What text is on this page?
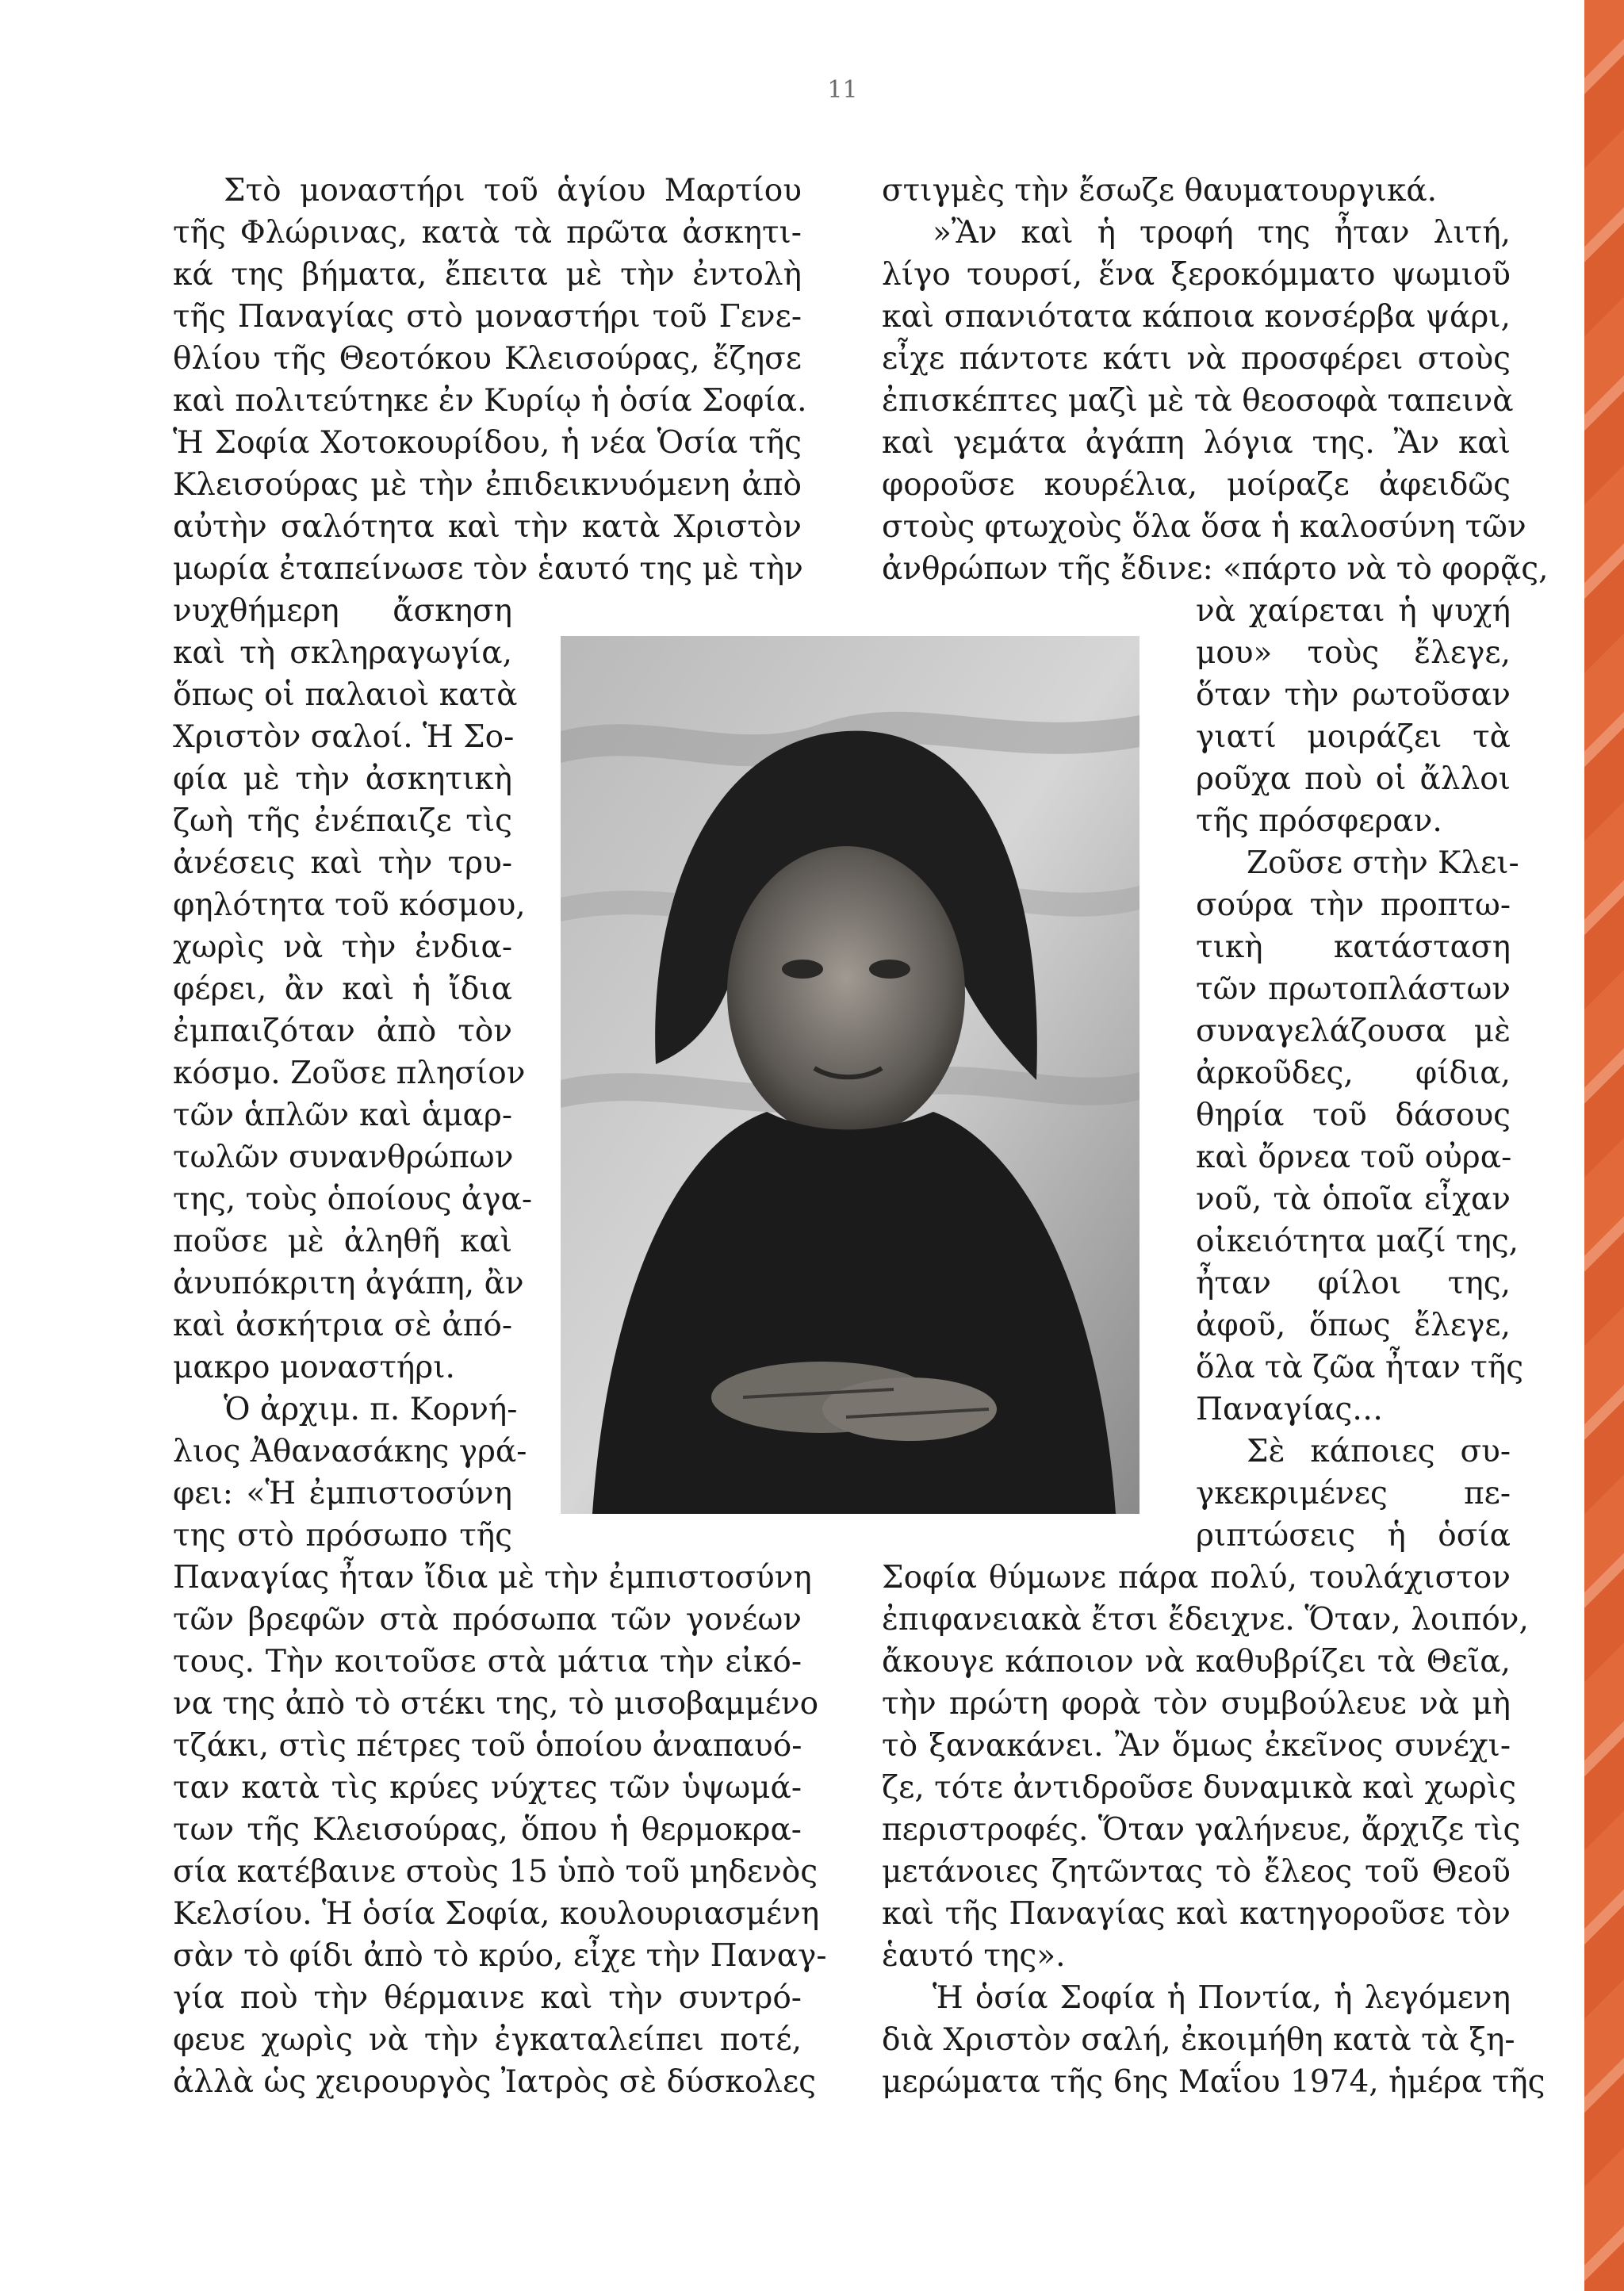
11
Στὸ μοναστήρι τοῦ ἁγίου Μαρτίου
τῆς Φλώρινας, κατὰ τὰ πρῶτα ἀσκητι-
κά της βήματα, ἔπειτα μὲ τὴν ἐντολὴ
τῆς Παναγίας στὸ μοναστήρι τοῦ Γενε-
θλίου τῆς Θεοτόκου Κλεισούρας, ἔζησε
καὶ πολιτεύτηκε ἐν Κυρίῳ ἡ ὁσία Σοφία.
Ἡ Σοφία Χοτοκουρίδου, ἡ νέα Ὁσία τῆς
Κλεισούρας μὲ τὴν ἐπιδεικνυόμενη ἀπὸ
αὐτὴν σαλότητα καὶ τὴν κατὰ Χριστὸν
μωρία ἐταπείνωσε τὸν ἑαυτό της μὲ τὴν
νυχθήμερη ἄσκηση
καὶ τὴ σκληραγωγία,
ὅπως οἱ παλαιοὶ κατὰ
Χριστὸν σαλοί. Ἡ Σο-
φία μὲ τὴν ἀσκητικὴ
ζωὴ τῆς ἐνέπαιζε τὶς
ἀνέσεις καὶ τὴν τρυ-
φηλότητα τοῦ κόσμου,
χωρὶς νὰ τὴν ἐνδια-
φέρει, ἂν καὶ ἡ ἴδια
ἐμπαιζόταν ἀπὸ τὸν
κόσμο. Ζοῦσε πλησίον
τῶν ἁπλῶν καὶ ἁμαρ-
τωλῶν συνανθρώπων
της, τοὺς ὁποίους ἀγα-
ποῦσε μὲ ἀληθῆ καὶ
ἀνυπόκριτη ἀγάπη, ἂν
καὶ ἀσκήτρια σὲ ἀπό-
μακρο μοναστήρι.
Ὁ ἀρχιμ. π. Κορνή-
λιος Ἀθανασάκης γρά-
φει: «Ἡ ἐμπιστοσύνη
της στὸ πρόσωπο τῆς
Παναγίας ἦταν ἴδια μὲ τὴν ἐμπιστοσύνη
τῶν βρεφῶν στὰ πρόσωπα τῶν γονέων
τους. Τὴν κοιτοῦσε στὰ μάτια τὴν εἰκό-
να της ἀπὸ τὸ στέκι της, τὸ μισοβαμμένο
τζάκι, στὶς πέτρες τοῦ ὁποίου ἀναπαυό-
ταν κατὰ τὶς κρύες νύχτες τῶν ὑψωμά-
των τῆς Κλεισούρας, ὅπου ἡ θερμοκρα-
σία κατέβαινε στοὺς 15 ὑπὸ τοῦ μηδενὸς
Κελσίου. Ἡ ὁσία Σοφία, κουλουριασμένη
σὰν τὸ φίδι ἀπὸ τὸ κρύο, εἶχε τὴν Παναγ-
γία ποὺ τὴν θέρμαινε καὶ τὴν συντρό-
φευε χωρὶς νὰ τὴν ἐγκαταλείπει ποτέ,
ἀλλὰ ὡς χειρουργὸς Ἰατρὸς σὲ δύσκολες
στιγμὲς τὴν ἔσωζε θαυματουργικά.
»Ἂν καὶ ἡ τροφή της ἦταν λιτή,
λίγο τουρσί, ἕνα ξεροκόμματο ψωμιοῦ
καὶ σπανιότατα κάποια κονσέρβα ψάρι,
εἶχε πάντοτε κάτι νὰ προσφέρει στοὺς
ἐπισκέπτες μαζὶ μὲ τὰ θεοσοφὰ ταπεινὰ
καὶ γεμάτα ἀγάπη λόγια της. Ἂν καὶ
φοροῦσε κουρέλια, μοίραζε ἀφειδῶς
στοὺς φτωχοὺς ὅλα ὅσα ἡ καλοσύνη τῶν
ἀνθρώπων τῆς ἔδινε: «πάρτο νὰ τὸ φορᾷς,
νὰ χαίρεται ἡ ψυχή
μου» τοὺς ἔλεγε,
ὅταν τὴν ρωτοῦσαν
γιατί μοιράζει τὰ
ροῦχα ποὺ οἱ ἄλλοι
τῆς πρόσφεραν.
Ζοῦσε στὴν Κλει-
σούρα τὴν προπτω-
τικὴ κατάσταση
τῶν πρωτοπλάστων
συναγελάζουσα μὲ
ἀρκοῦδες, φίδια,
θηρία τοῦ δάσους
καὶ ὄρνεα τοῦ οὐρα-
νοῦ, τὰ ὁποῖα εἶχαν
οἰκειότητα μαζί της,
ἦταν φίλοι της,
ἀφοῦ, ὅπως ἔλεγε,
ὅλα τὰ ζῶα ἦταν τῆς
Παναγίας…
Σὲ κάποιες συ-
γκεκριμένες πε-
ριπτώσεις ἡ ὁσία
Σοφία θύμωνε πάρα πολύ, τουλάχιστον
ἐπιφανειακὰ ἔτσι ἔδειχνε. Ὅταν, λοιπόν,
ἄκουγε κάποιον νὰ καθυβρίζει τὰ Θεῖα,
τὴν πρώτη φορὰ τὸν συμβούλευε νὰ μὴ
τὸ ξανακάνει. Ἂν ὅμως ἐκεῖνος συνέχι-
ζε, τότε ἀντιδροῦσε δυναμικὰ καὶ χωρὶς
περιστροφές. Ὅταν γαλήνευε, ἄρχιζε τὶς
μετάνοιες ζητῶντας τὸ ἔλεος τοῦ Θεοῦ
καὶ τῆς Παναγίας καὶ κατηγοροῦσε τὸν
ἑαυτό της».
Ἡ ὁσία Σοφία ἡ Ποντία, ἡ λεγόμενη
διὰ Χριστὸν σαλή, ἐκοιμήθη κατὰ τὰ ξη-
μερώματα τῆς 6ης Μαΐου 1974, ἡμέρα τῆς
